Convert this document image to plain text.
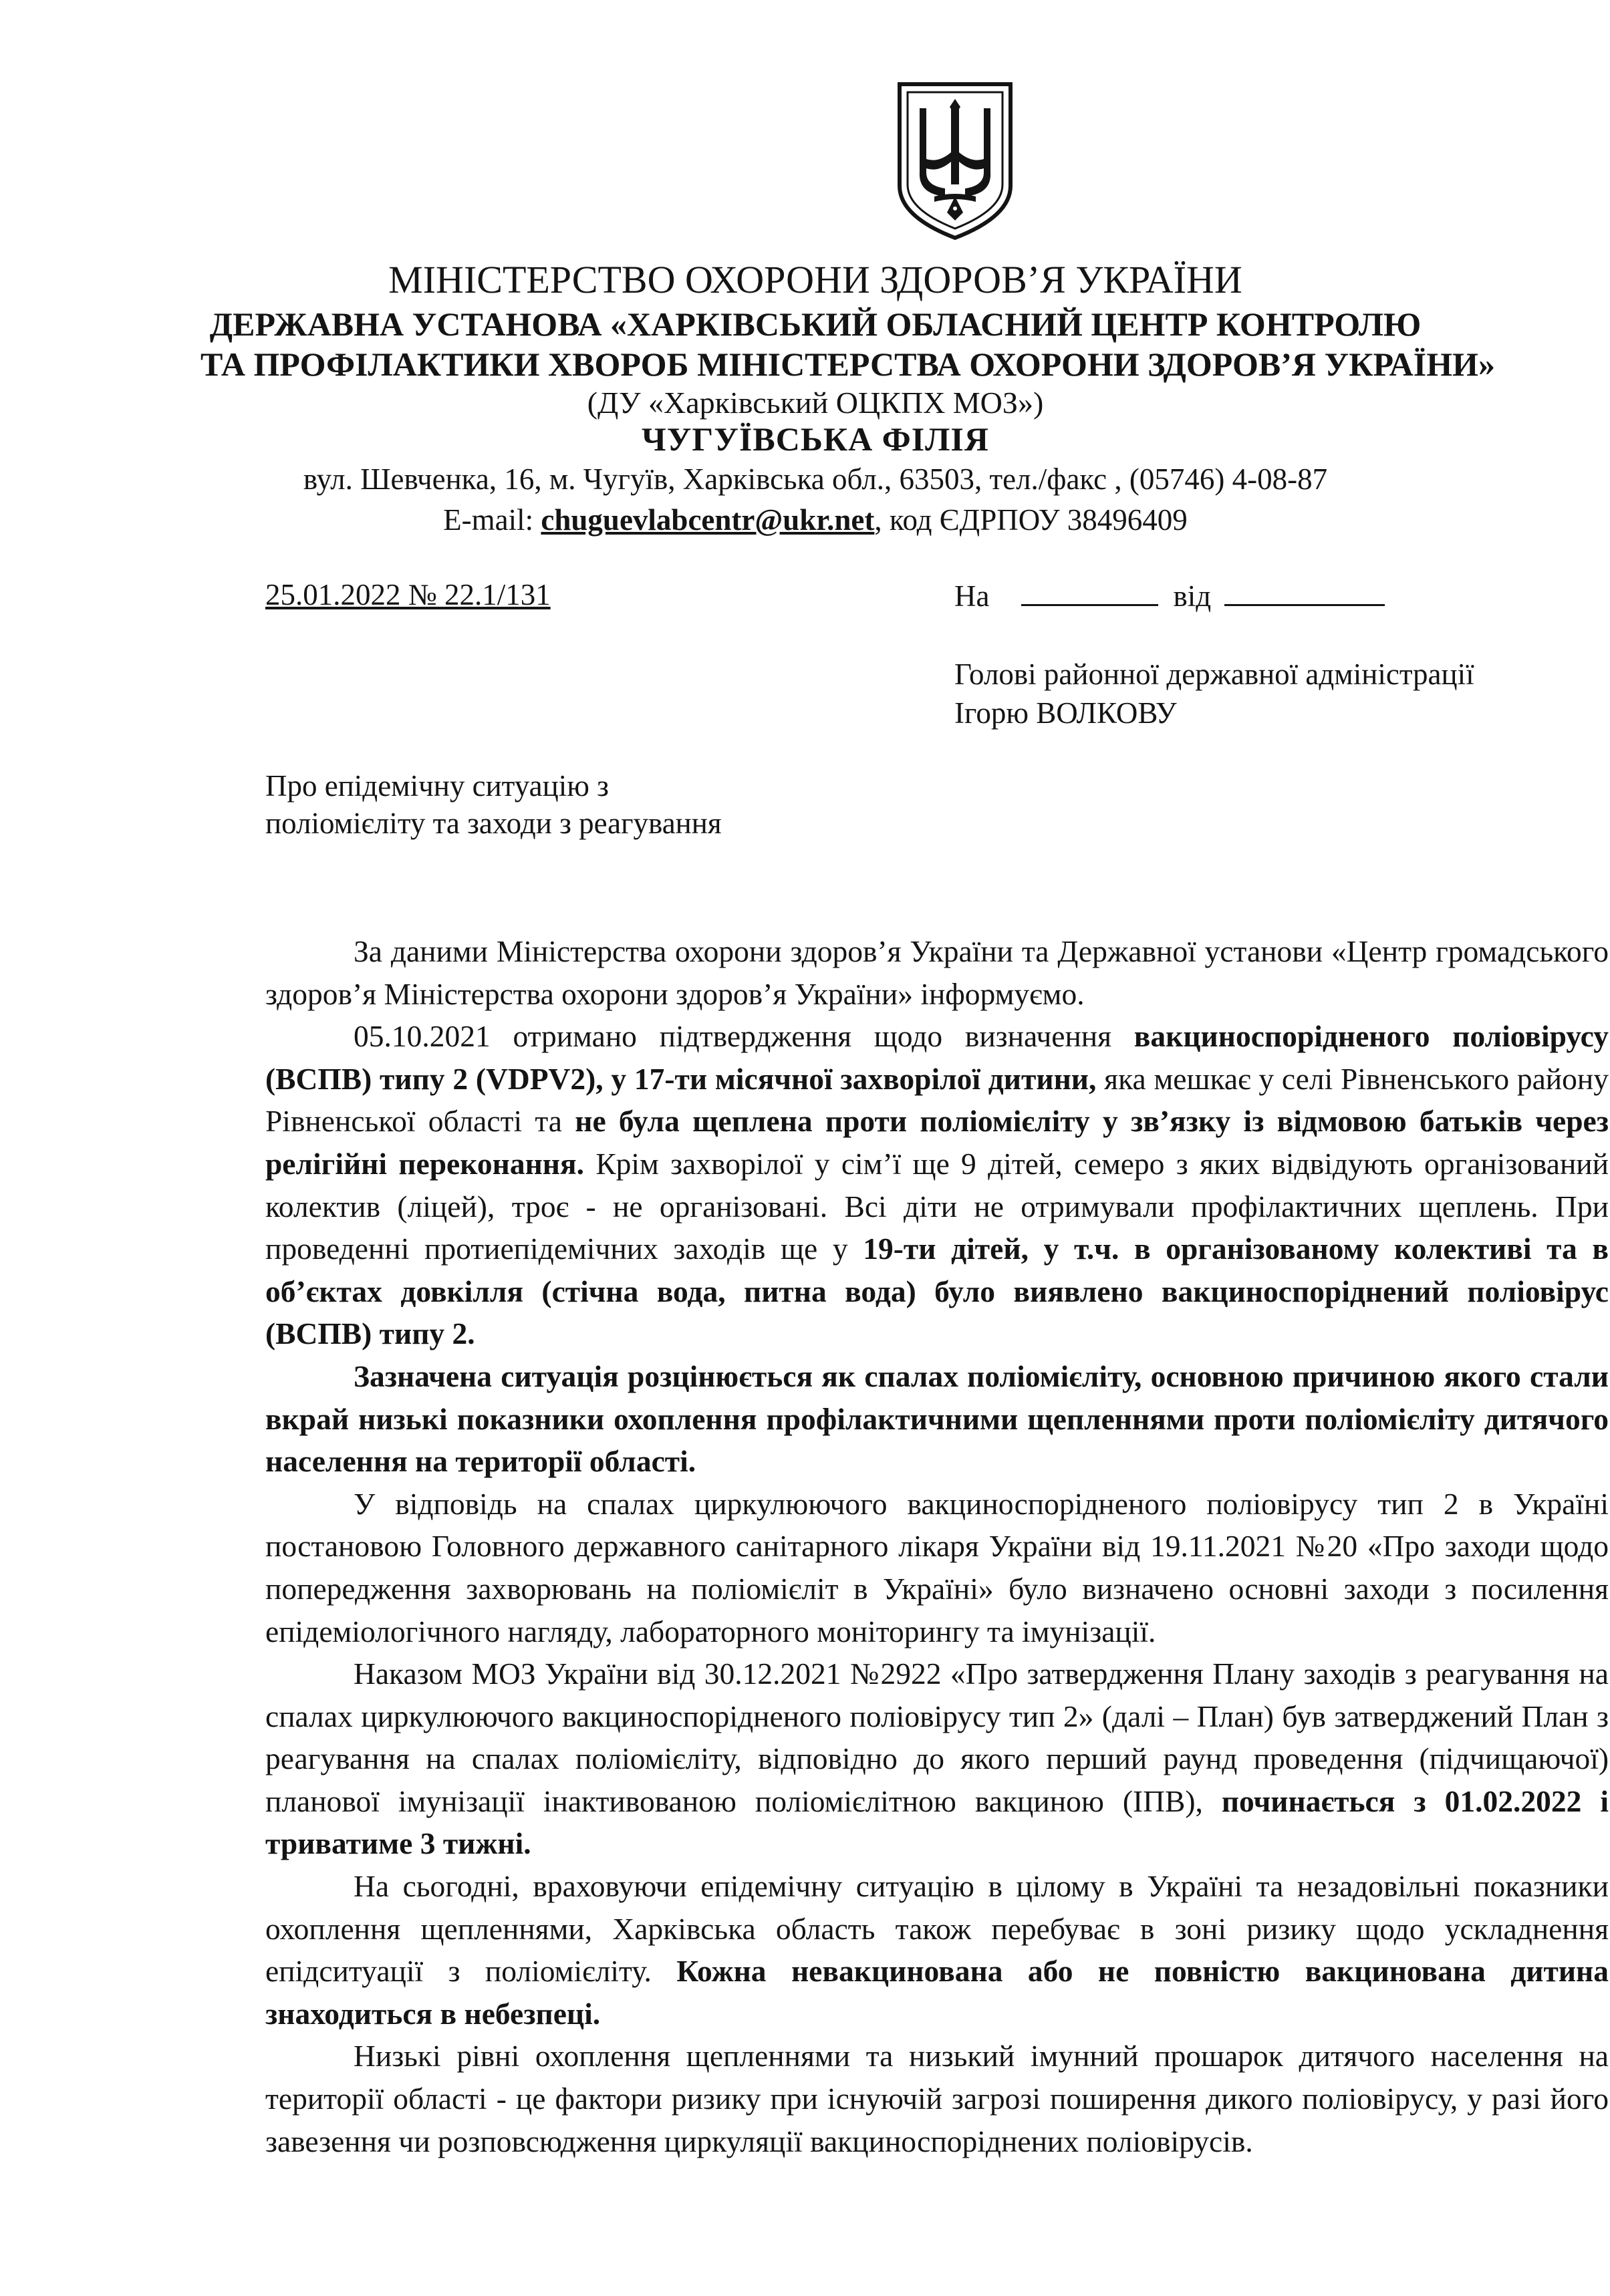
МІНІСТЕРСТВО ОХОРОНИ ЗДОРОВ’Я УКРАЇНИ
ДЕРЖАВНА УСТАНОВА «ХАРКІВСЬКИЙ ОБЛАСНИЙ ЦЕНТР КОНТРОЛЮ
ТА ПРОФІЛАКТИКИ ХВОРОБ МІНІСТЕРСТВА ОХОРОНИ ЗДОРОВ’Я УКРАЇНИ»
(ДУ «Харківський ОЦКПХ МОЗ»)
ЧУГУЇВСЬКА ФІЛІЯ
вул. Шевченка, 16, м. Чугуїв, Харківська обл., 63503, тел./факс , (05746) 4-08-87
E-mail: chuguevlabcentr@ukr.net, код ЄДРПОУ 38496409
25.01.2022 № 22.1/131	На	від
Голові районної державної адміністрації
Ігорю ВОЛКОВУ
Про епідемічну ситуацію з
поліомієліту та заходи з реагування

За даними Міністерства охорони здоров’я України та Державної установи «Центр громадського здоров’я Міністерства охорони здоров’я України» інформуємо.

05.10.2021 отримано підтвердження щодо визначення вакциноспорідненого поліовірусу (ВСПВ) типу 2 (VDPV2), у 17-ти місячної захворілої дитини, яка мешкає у селі Рівненського району Рівненської області та не була щеплена проти поліомієліту у зв’язку із відмовою батьків через релігійні переконання. Крім захворілої у сім’ї ще 9 дітей, семеро з яких відвідують організований колектив (ліцей), троє - не організовані. Всі діти не отримували профілактичних щеплень. При проведенні протиепідемічних заходів ще у 19-ти дітей, у т.ч. в організованому колективі та в об’єктах довкілля (стічна вода, питна вода) було виявлено вакциноспоріднений поліовірус (ВСПВ) типу 2.

Зазначена ситуація розцінюється як спалах поліомієліту, основною причиною якого стали вкрай низькі показники охоплення профілактичними щепленнями проти поліомієліту дитячого населення на території області.

У відповідь на спалах циркулюючого вакциноспорідненого поліовірусу тип 2 в Україні постановою Головного державного санітарного лікаря України від 19.11.2021 №20 «Про заходи щодо попередження захворювань на поліомієліт в Україні» було визначено основні заходи з посилення епідеміологічного нагляду, лабораторного моніторингу та імунізації.

Наказом МОЗ України від 30.12.2021 №2922 «Про затвердження Плану заходів з реагування на спалах циркулюючого вакциноспорідненого поліовірусу тип 2» (далі – План) був затверджений План з реагування на спалах поліомієліту, відповідно до якого перший раунд проведення (підчищаючої) планової імунізації інактивованою поліомієлітною вакциною (ІПВ), починається з 01.02.2022 і триватиме 3 тижні.

На сьогодні, враховуючи епідемічну ситуацію в цілому в Україні та незадовільні показники охоплення щепленнями, Харківська область також перебуває в зоні ризику щодо ускладнення епідситуації з поліомієліту. Кожна невакцинована або не повністю вакцинована дитина знаходиться в небезпеці.

Низькі рівні охоплення щепленнями та низький імунний прошарок дитячого населення на території області - це фактори ризику при існуючій загрозі поширення дикого поліовірусу, у разі його завезення чи розповсюдження циркуляції вакциноспоріднених поліовірусів.
